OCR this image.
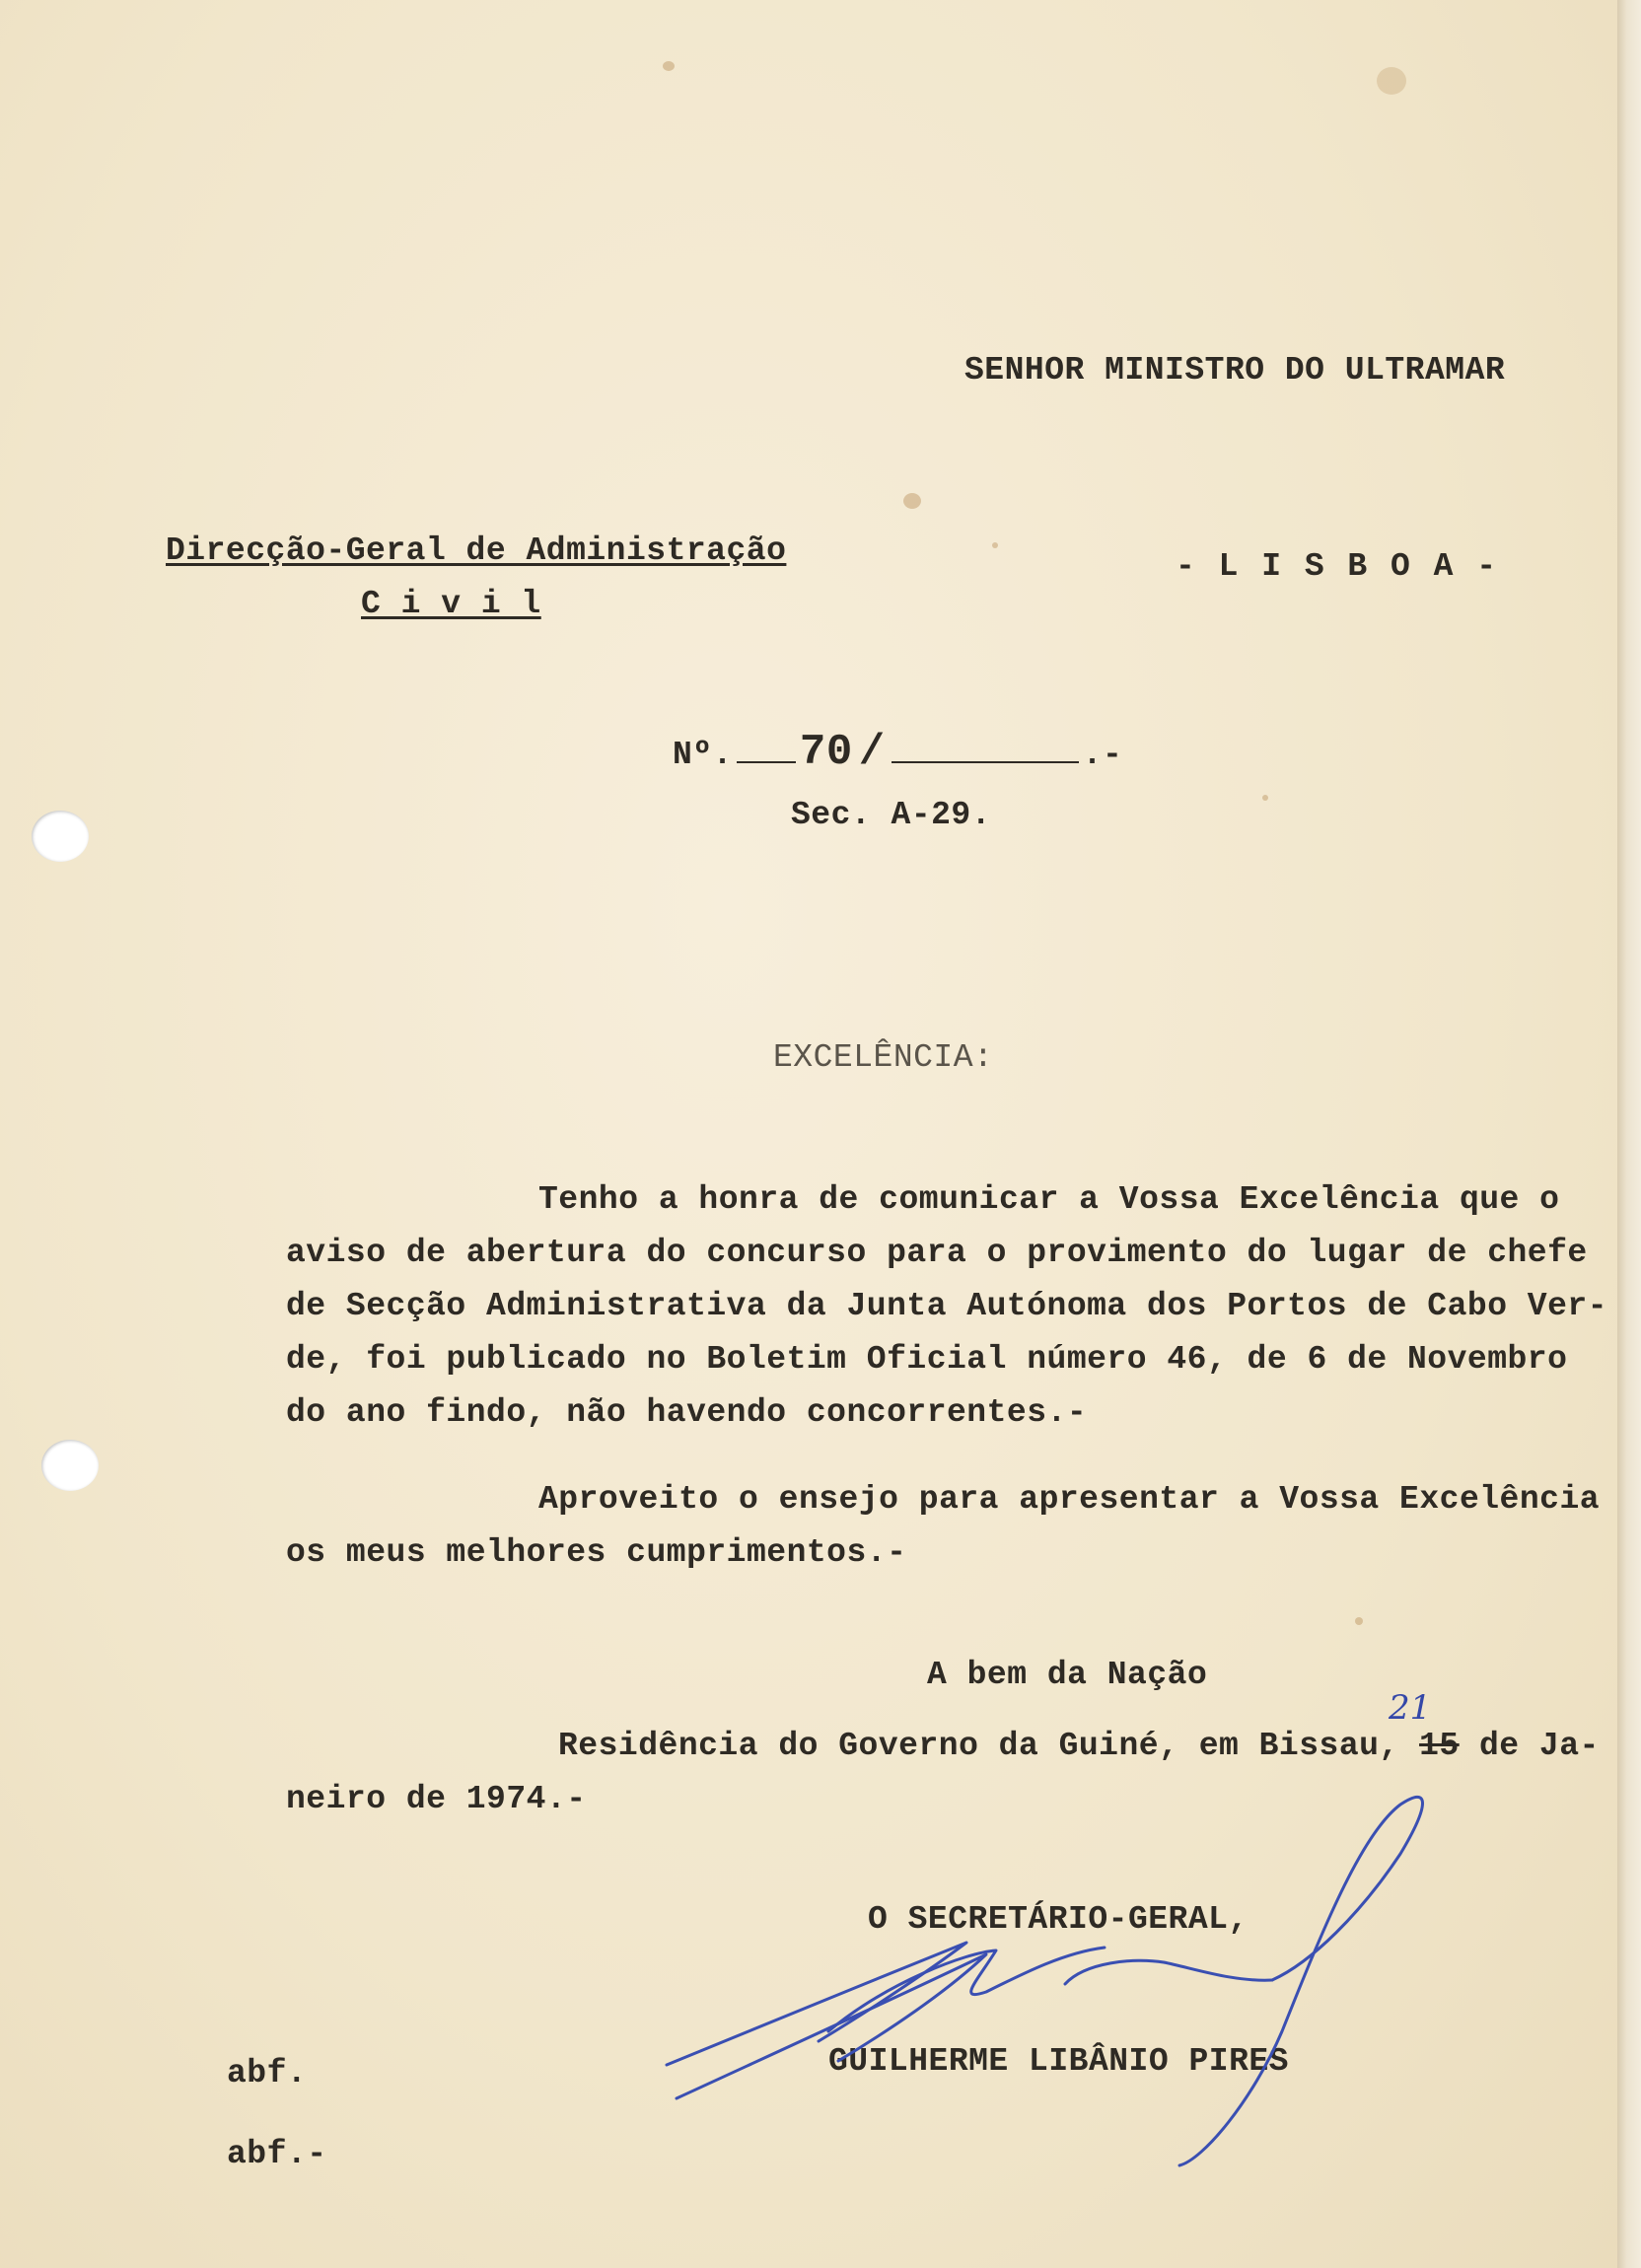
SENHOR MINISTRO DO ULTRAMAR
Direcção-Geral de Administração
C i v i l
- L I S B O A -
Nº. 70 /	.-
Sec. A-29.
EXCELÊNCIA:
Tenho a honra de comunicar a Vossa Excelência que o
aviso de abertura do concurso para o provimento do lugar de chefe
de Secção Administrativa da Junta Autónoma dos Portos de Cabo Ver-
de, foi publicado no Boletim Oficial número 46, de 6 de Novembro
do ano findo, não havendo concorrentes.-
Aproveito o ensejo para apresentar a Vossa Excelência
os meus melhores cumprimentos.-
A bem da Nação
Residência do Governo da Guiné, em Bissau, 15 de Ja-
21
neiro de 1974.-
O SECRETÁRIO-GERAL,
GUILHERME LIBÂNIO PIRES
abf.
abf.-
